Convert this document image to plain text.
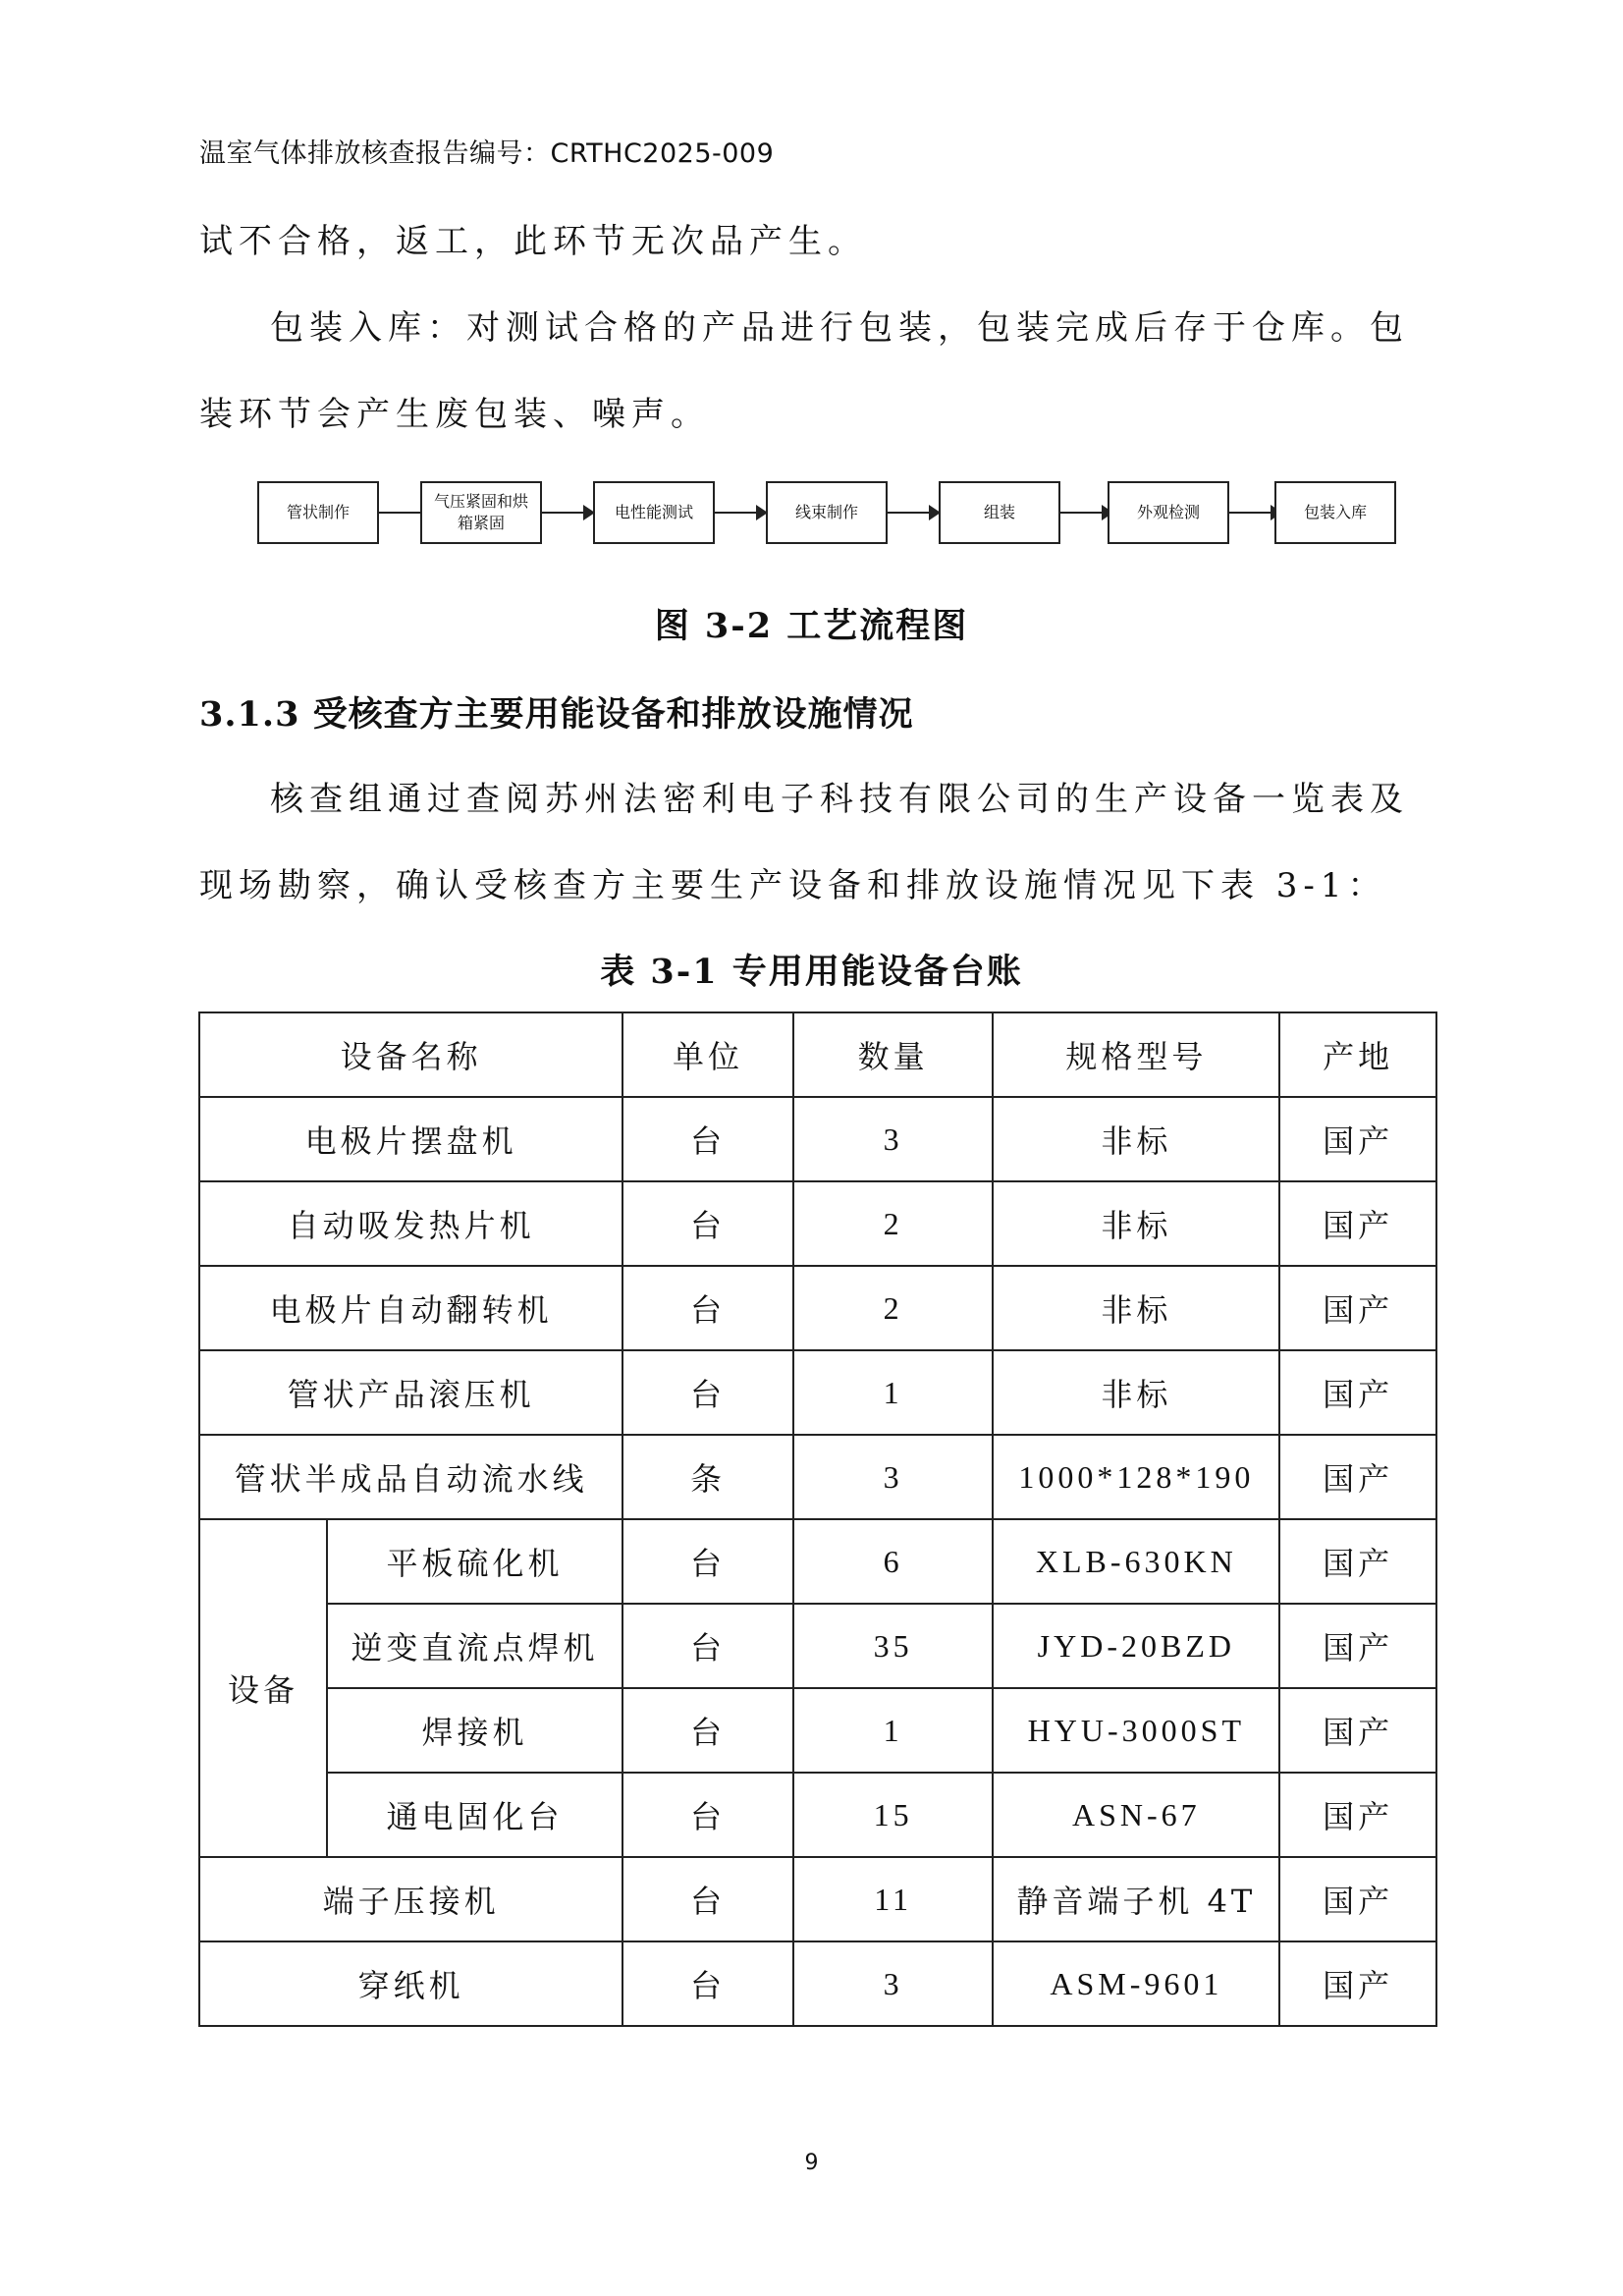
温室气体排放核查报告编号：CRTHC2025-009
试不合格，返工，此环节无次品产生。
包装入库：对测试合格的产品进行包装，包装完成后存于仓库。包装环节会产生废包装、噪声。
管状制作
气压紧固和烘箱紧固
电性能测试	线束制作	组装	外观检测	包装入库
图 3-2 工艺流程图
3.1.3 受核查方主要用能设备和排放设施情况
核查组通过查阅苏州法密利电子科技有限公司的生产设备一览表及现场勘察，确认受核查方主要生产设备和排放设施情况见下表 3-1：
表 3-1 专用用能设备台账
设备名称		单位	数量	规格型号	产地
电极片摆盘机		台	3	非标	国产
自动吸发热片机		台	2	非标	国产
电极片自动翻转机		台	2	非标	国产
管状产品滚压机		台	1	非标	国产
管状半成品自动流水线		条	3	1000*128*190	国产
设备	平板硫化机	台	6	XLB-630KN	国产
	逆变直流点焊机	台	35	JYD-20BZD	国产
	焊接机	台	1	HYU-3000ST	国产
	通电固化台	台	15	ASN-67	国产
端子压接机		台	11	静音端子机 4T	国产
穿纸机		台	3	ASM-9601	国产
9
